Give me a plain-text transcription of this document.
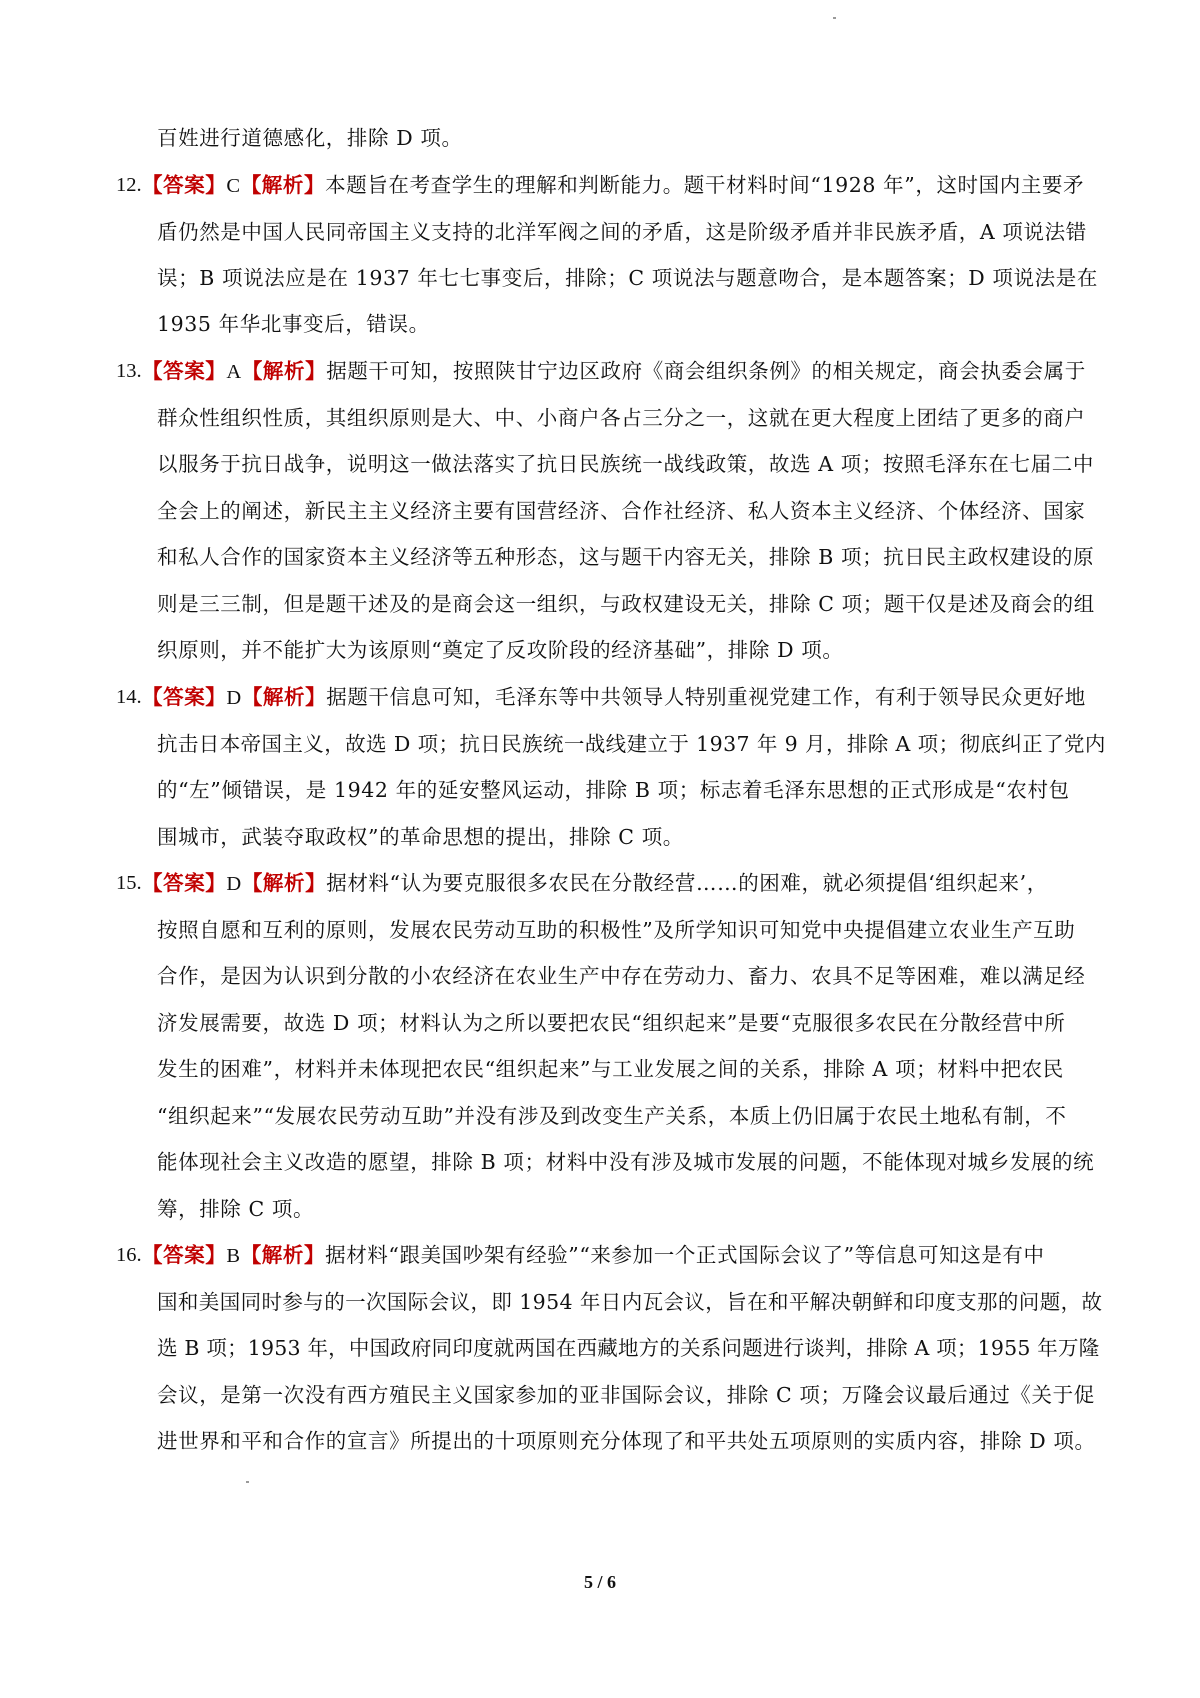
百姓进行道德感化，排除 D 项。
12. 【答案】C【解析】本题旨在考查学生的理解和判断能力。题干材料时间“1928 年”，这时国内主要矛
盾仍然是中国人民同帝国主义支持的北洋军阀之间的矛盾，这是阶级矛盾并非民族矛盾，A 项说法错
误；B 项说法应是在 1937 年七七事变后，排除；C 项说法与题意吻合，是本题答案；D 项说法是在
1935 年华北事变后，错误。
13. 【答案】A【解析】据题干可知，按照陕甘宁边区政府《商会组织条例》的相关规定，商会执委会属于
群众性组织性质，其组织原则是大、中、小商户各占三分之一，这就在更大程度上团结了更多的商户
以服务于抗日战争，说明这一做法落实了抗日民族统一战线政策，故选 A 项；按照毛泽东在七届二中
全会上的阐述，新民主主义经济主要有国营经济、合作社经济、私人资本主义经济、个体经济、国家
和私人合作的国家资本主义经济等五种形态，这与题干内容无关，排除 B 项；抗日民主政权建设的原
则是三三制，但是题干述及的是商会这一组织，与政权建设无关，排除 C 项；题干仅是述及商会的组
织原则，并不能扩大为该原则“奠定了反攻阶段的经济基础”，排除 D 项。
14. 【答案】D【解析】据题干信息可知，毛泽东等中共领导人特别重视党建工作，有利于领导民众更好地
抗击日本帝国主义，故选 D 项；抗日民族统一战线建立于 1937 年 9 月，排除 A 项；彻底纠正了党内
的“左”倾错误，是 1942 年的延安整风运动，排除 B 项；标志着毛泽东思想的正式形成是“农村包
围城市，武装夺取政权”的革命思想的提出，排除 C 项。
15. 【答案】D【解析】据材料“认为要克服很多农民在分散经营……的困难，就必须提倡‘组织起来’，
按照自愿和互利的原则，发展农民劳动互助的积极性”及所学知识可知党中央提倡建立农业生产互助
合作，是因为认识到分散的小农经济在农业生产中存在劳动力、畜力、农具不足等困难，难以满足经
济发展需要，故选 D 项；材料认为之所以要把农民“组织起来”是要“克服很多农民在分散经营中所
发生的困难”，材料并未体现把农民“组织起来”与工业发展之间的关系，排除 A 项；材料中把农民
“组织起来”“发展农民劳动互助”并没有涉及到改变生产关系，本质上仍旧属于农民土地私有制，不
能体现社会主义改造的愿望，排除 B 项；材料中没有涉及城市发展的问题，不能体现对城乡发展的统
筹，排除 C 项。
16. 【答案】B【解析】据材料“跟美国吵架有经验”“来参加一个正式国际会议了”等信息可知这是有中
国和美国同时参与的一次国际会议，即 1954 年日内瓦会议，旨在和平解决朝鲜和印度支那的问题，故
选 B 项；1953 年，中国政府同印度就两国在西藏地方的关系问题进行谈判，排除 A 项；1955 年万隆
会议，是第一次没有西方殖民主义国家参加的亚非国际会议，排除 C 项；万隆会议最后通过《关于促
进世界和平和合作的宣言》所提出的十项原则充分体现了和平共处五项原则的实质内容，排除 D 项。
5 / 6
